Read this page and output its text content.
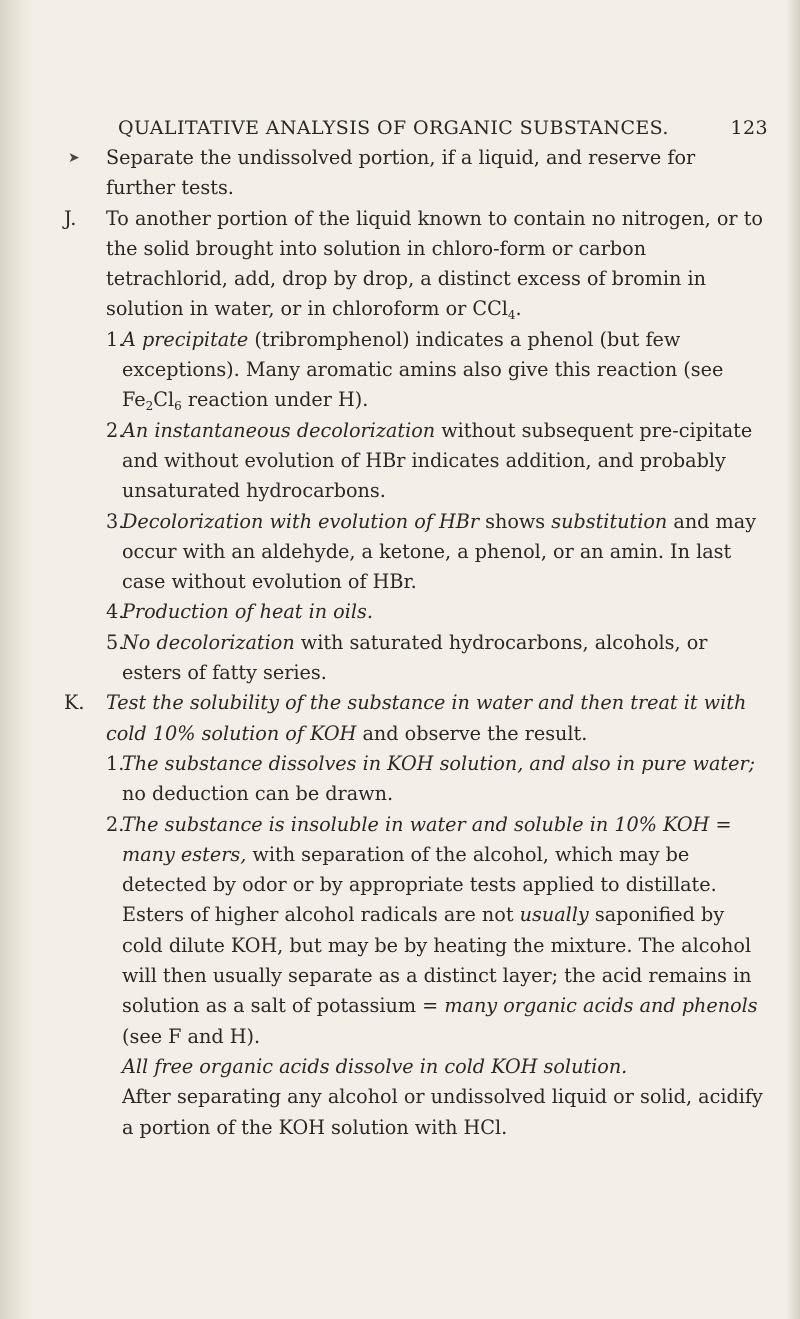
QUALITATIVE ANALYSIS OF ORGANIC SUBSTANCES.	123
➤	Separate the undissolved portion, if a liquid, and reserve for further tests.
J.	To another portion of the liquid known to contain no nitrogen, or to the solid brought into solution in chloro-form or carbon tetrachlorid, add, drop by drop, a distinct excess of bromin in solution in water, or in chloroform or CCl$_4$.
1.
A precipitate (tribromphenol) indicates a phenol (but few exceptions). Many aromatic amins also give this reaction (see $Fe_2Cl_6$ reaction under H).
2.
An instantaneous decolorization without subsequent pre-cipitate and without evolution of HBr indicates addition, and probably unsaturated hydrocarbons.
3.
Decolorization with evolution of HBr shows substitution and may occur with an aldehyde, a ketone, a phenol, or an amin. In last case without evolution of HBr.
4.
Production of heat in oils.
5.
No decolorization with saturated hydrocarbons, alcohols, or esters of fatty series.
K.	Test the solubility of the substance in water and then treat it with cold 10% solution of KOH and observe the result.
1.
The substance dissolves in KOH solution, and also in pure water; no deduction can be drawn.
2.
The substance is insoluble in water and soluble in 10% KOH = many esters, with separation of the alcohol, which may be detected by odor or by appropriate tests applied to distillate.
Esters of higher alcohol radicals are not usually saponified by cold dilute KOH, but may be by heating the mixture. The alcohol will then usually separate as a distinct layer; the acid remains in solution as a salt of potassium = many organic acids and phenols (see F and H).
All free organic acids dissolve in cold KOH solution.
After separating any alcohol or undissolved liquid or solid, acidify a portion of the KOH solution with HCl.
